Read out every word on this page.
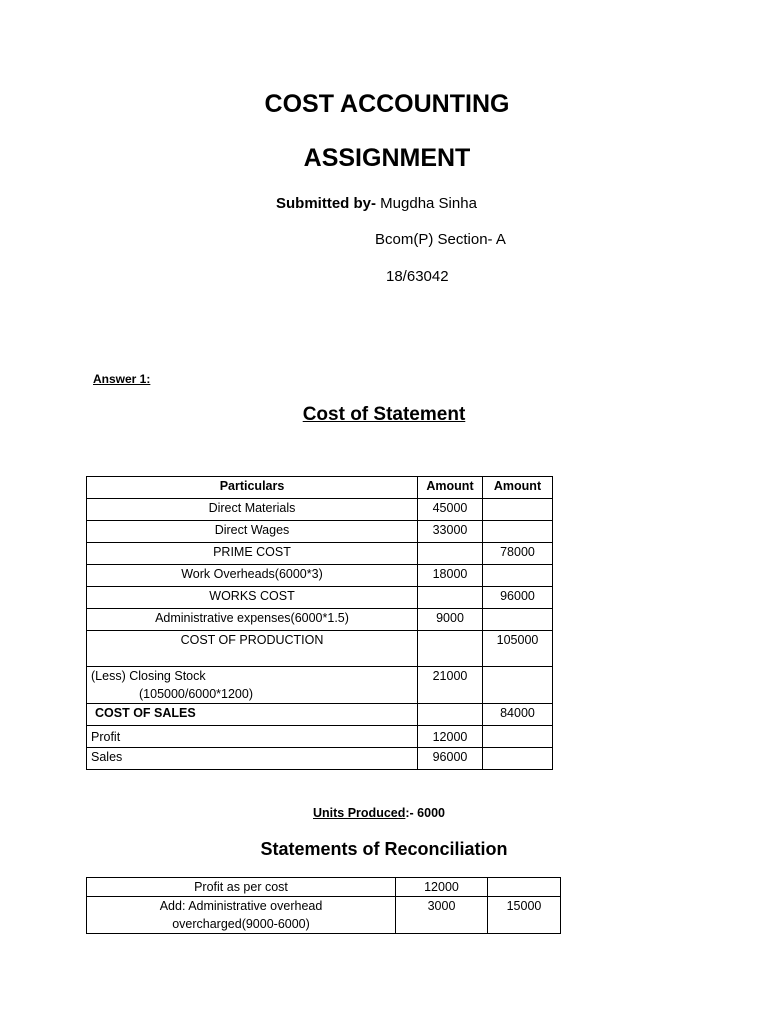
COST ACCOUNTING
ASSIGNMENT
Submitted by- Mugdha Sinha
Bcom(P) Section- A
18/63042
Answer 1:
Cost of Statement
Particulars	Amount	Amount
Direct Materials	45000	
Direct Wages	33000	
PRIME COST		78000
Work Overheads(6000*3)	18000	
WORKS COST		96000
Administrative expenses(6000*1.5)	9000	
COST OF PRODUCTION		105000

(Less) Closing Stock
(105000/6000*1200)	21000	
COST OF SALES		84000
Profit	12000	
Sales	96000	
Units Produced:- 6000
Statements of Reconciliation
Profit as per cost	12000	

Add: Administrative overhead
overcharged(9000-6000)	3000	15000
